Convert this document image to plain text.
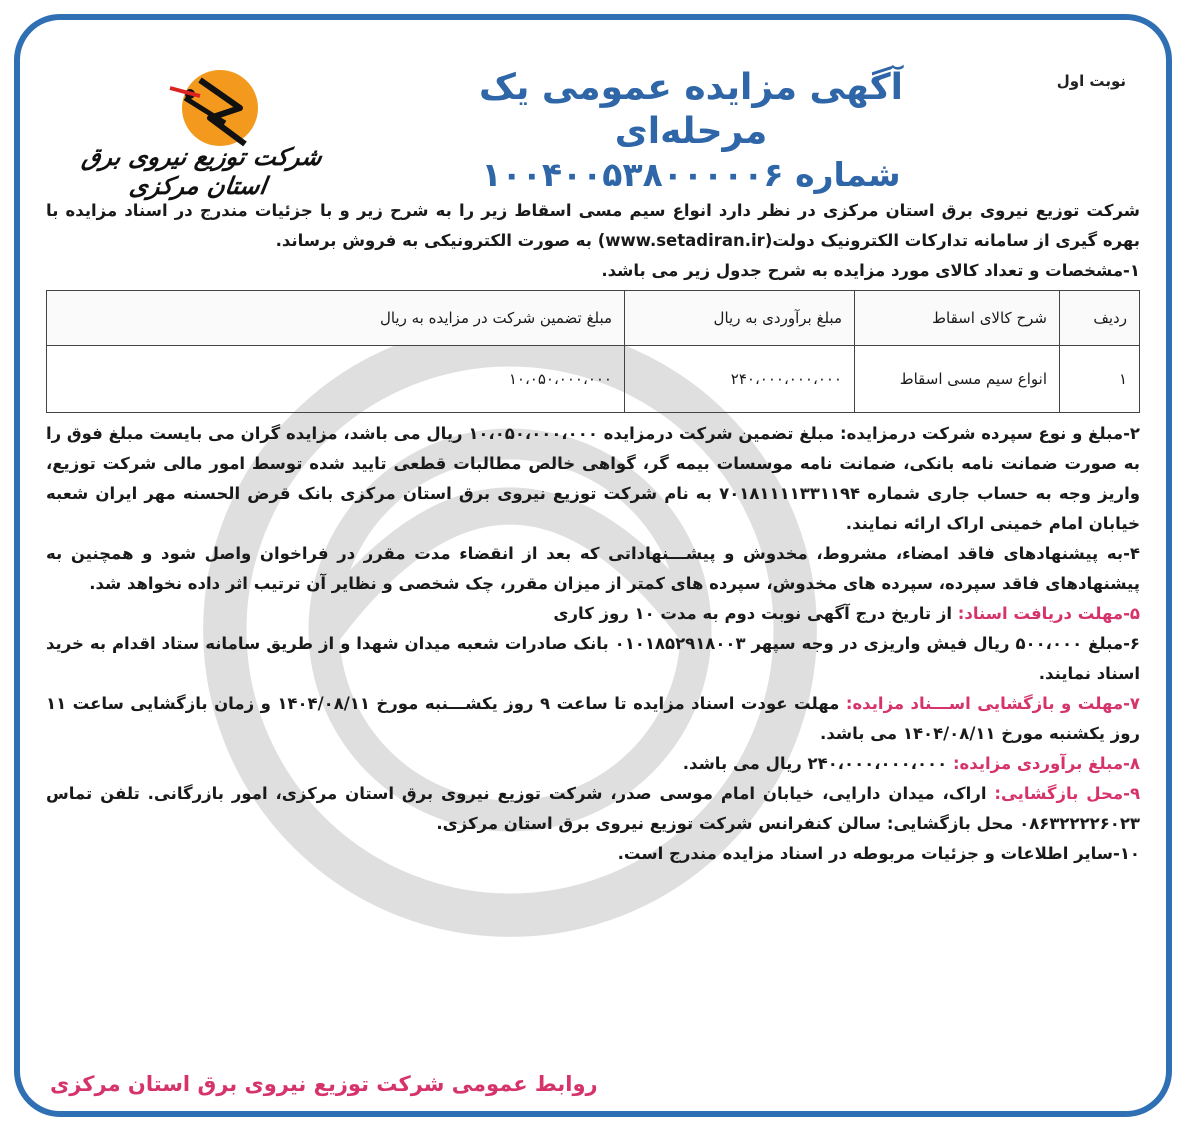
نوبت اول
آگهی مزایده عمومی یک مرحله‌ای
شماره ۱۰۰۴۰۰۵۳۸۰۰۰۰۰۶
شرکت توزیع نیروی برق استان مرکزی

شرکت توزیع نیروی برق استان مرکزی در نظر دارد انواع سیم مسی اسقاط زیر را به شرح زیر و با جزئیات مندرج در اسناد مزایده با بهره گیری از سامانه تدارکات الکترونیک دولت(www.setadiran.ir) به صورت الکترونیکی به فروش برساند.

۱-مشخصات و تعداد کالای مورد مزایده به شرح جدول زیر می باشد.

ردیف	شرح کالای اسقاط	مبلغ برآوردی به ریال	مبلغ تضمین شرکت در مزایده به ریال
۱	انواع سیم مسی اسقاط	۲۴۰،۰۰۰،۰۰۰،۰۰۰	۱۰،۰۵۰،۰۰۰،۰۰۰

۲-مبلغ و نوع سپرده شرکت درمزایده: مبلغ تضمین شرکت درمزایده ۱۰،۰۵۰،۰۰۰،۰۰۰ ریال می باشد، مزایده گران می بایست مبلغ فوق را به صورت ضمانت نامه بانکی، ضمانت نامه موسسات بیمه گر، گواهی خالص مطالبات قطعی تایید شده توسط امور مالی شرکت توزیع، واریز وجه به حساب جاری شماره ۷۰۱۸۱۱۱۱۳۳۱۱۹۴ به نام شرکت توزیع نیروی برق استان مرکزی بانک قرض الحسنه مهر ایران شعبه خیابان امام خمینی اراک ارائه نمایند.

۴-به پیشنهادهای فاقد امضاء، مشروط، مخدوش و پیشـــنهاداتی که بعد از انقضاء مدت مقرر در فراخوان واصل شود و همچنین به پیشنهادهای فاقد سپرده، سپرده های مخدوش، سپرده های کمتر از میزان مقرر، چک شخصی و نظایر آن ترتیب اثر داده نخواهد شد.

۵-مهلت دریافت اسناد: از تاریخ درج آگهی نوبت دوم به مدت ۱۰ روز کاری

۶-مبلغ ۵۰۰،۰۰۰ ریال فیش واریزی در وجه سپهر ۰۱۰۱۸۵۲۹۱۸۰۰۳ بانک صادرات شعبه میدان شهدا و از طریق سامانه ستاد اقدام به خرید اسناد نمایند.

۷-مهلت و بازگشایی اســـناد مزایده: مهلت عودت اسناد مزایده تا ساعت ۹ روز یکشـــنبه مورخ ۱۴۰۴/۰۸/۱۱ و زمان بازگشایی ساعت ۱۱ روز یکشنبه مورخ ۱۴۰۴/۰۸/۱۱ می باشد.

۸-مبلغ برآوردی مزایده: ۲۴۰،۰۰۰،۰۰۰،۰۰۰ ریال می باشد.

۹-محل بازگشایی: اراک، میدان دارایی، خیابان امام موسی صدر، شرکت توزیع نیروی برق استان مرکزی، امور بازرگانی. تلفن تماس ۰۸۶۳۲۲۲۲۶۰۲۳ محل بازگشایی: سالن کنفرانس شرکت توزیع نیروی برق استان مرکزی.

۱۰-سایر اطلاعات و جزئیات مربوطه در اسناد مزایده مندرج است.

روابط عمومی شرکت توزیع نیروی برق استان مرکزی
